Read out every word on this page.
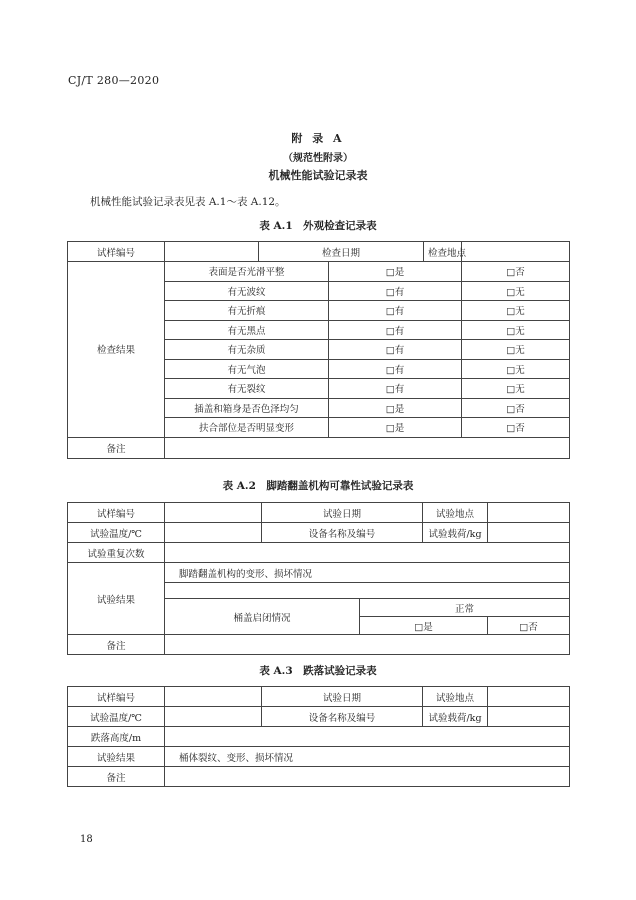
CJ/T 280—2020
附 录 A
（规范性附录）
机械性能试验记录表
机械性能试验记录表见表 A.1～表 A.12。
表 A.1　外观检查记录表
试样编号		检查日期		检查地点	
检查结果	表面是否光滑平整		□是		□否
	有无波纹		□有		□无
	有无折痕		□有		□无
	有无黑点		□有		□无
	有无杂质		□有		□无
	有无气泡		□有		□无
	有无裂纹		□有		□无
	插盖和箱身是否色泽均匀		□是		□否
	扶合部位是否明显变形		□是		□否
备注					
表 A.2　脚踏翻盖机构可靠性试验记录表
试样编号		试验日期		试验地点	
试验温度/℃		设备名称及编号		试验载荷/kg	
试验重复次数					
试验结果	脚踏翻盖机构的变形、损坏情况				

	桶盖启闭情况		正常		
			□是		□否
备注					
表 A.3　跌落试验记录表
试样编号		试验日期	试验地点	
试验温度/℃		设备名称及编号	试验载荷/kg	
跌落高度/m				
试验结果	桶体裂纹、变形、损坏情况			
备注				
18
